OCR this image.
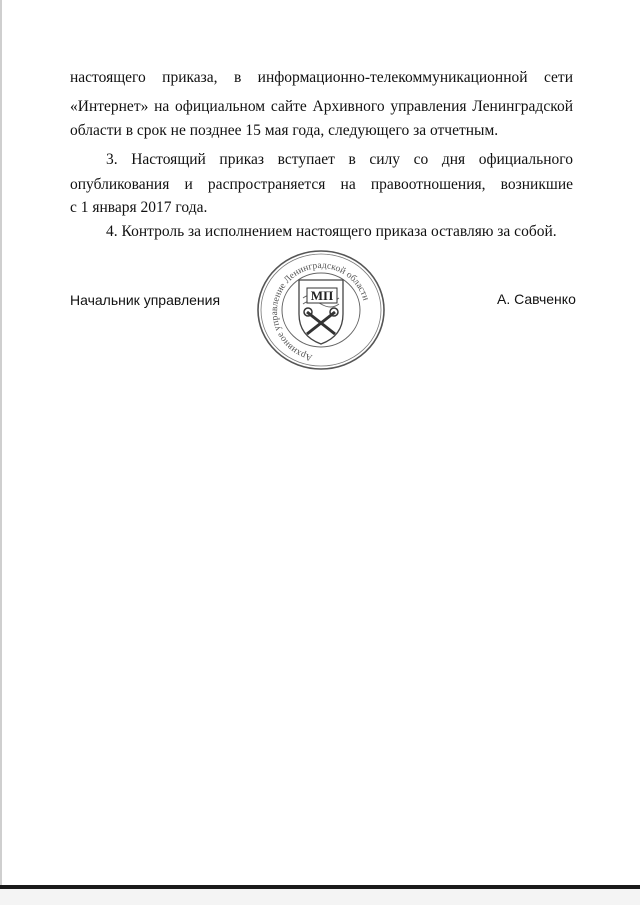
настоящего приказа, в информационно-телекоммуникационной сети
«Интернет» на официальном сайте Архивного управления Ленинградской
области в срок не позднее 15 мая года, следующего за отчетным.
3. Настоящий приказ вступает в силу со дня официального
опубликования и распространяется на правоотношения, возникшие
с 1 января 2017 года.
4. Контроль за исполнением настоящего приказа оставляю за собой.
Начальник управления
Архивное управление Ленинградской области
МП	А. Савченко
